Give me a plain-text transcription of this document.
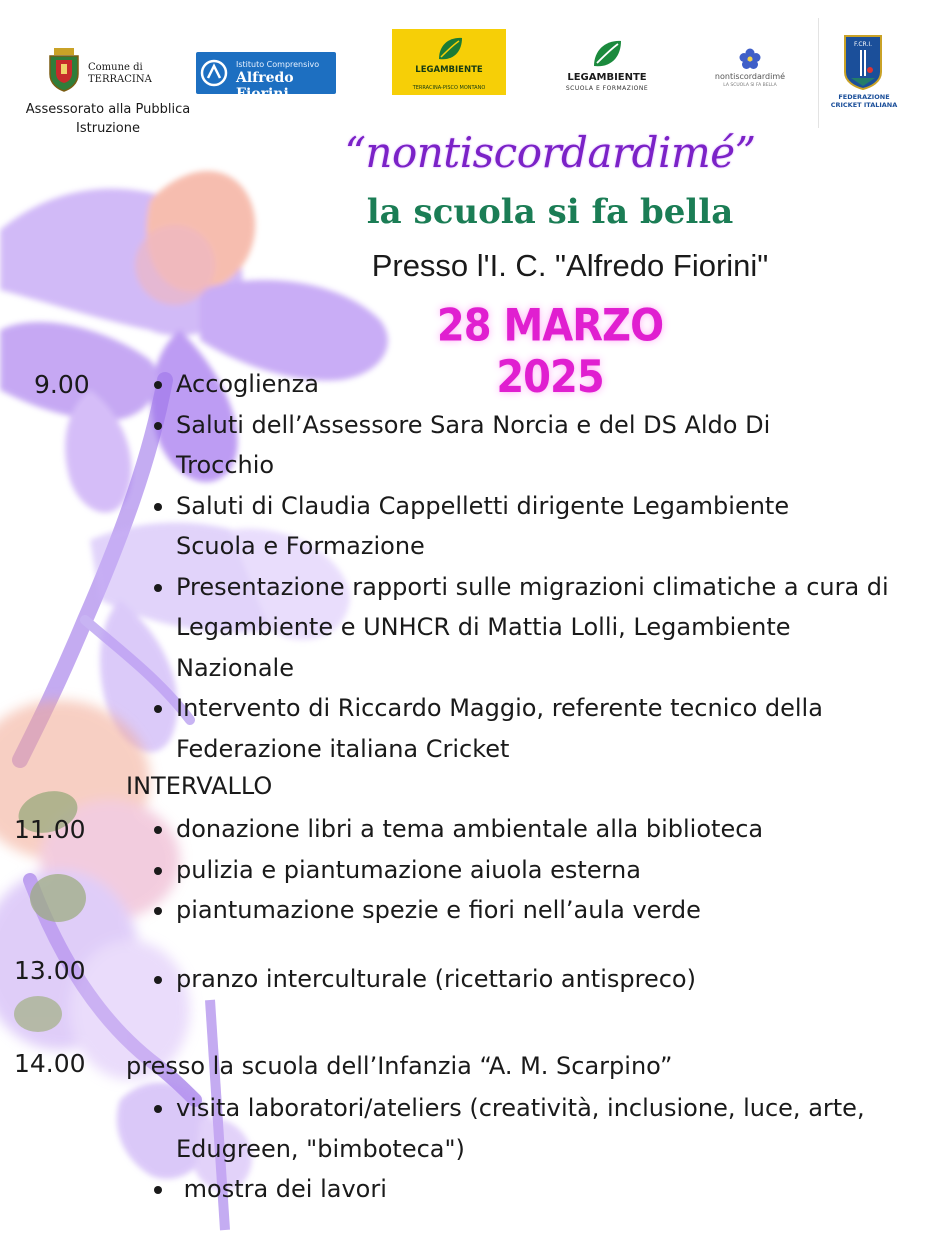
Comune di
TERRACINA
Assessorato alla Pubblica
Istruzione
Istituto Comprensivo
Alfredo Fiorini
LEGAMBIENTE
TERRACINA-PISCO MONTANO
LEGAMBIENTE
SCUOLA E FORMAZIONE
nontiscordardimé
LA SCUOLA SI FA BELLA
F.CR.I.
FEDERAZIONE
CRICKET ITALIANA
“nontiscordardimé”
la scuola si fa bella
Presso l'I. C. "Alfredo Fiorini"
28 MARZO 2025
9.00	Accoglienza
Saluti dell’Assessore Sara Norcia e del DS Aldo Di Trocchio
Saluti di Claudia Cappelletti dirigente Legambiente Scuola e Formazione
Presentazione rapporti sulle migrazioni climatiche a cura di Legambiente e UNHCR di Mattia Lolli, Legambiente Nazionale
Intervento di Riccardo Maggio, referente tecnico della Federazione italiana Cricket
INTERVALLO
11.00	donazione libri a tema ambientale alla biblioteca
pulizia e piantumazione aiuola esterna
piantumazione spezie e fiori nell’aula verde
13.00	pranzo interculturale (ricettario antispreco)
14.00 presso la scuola dell’Infanzia “A. M. Scarpino”
visita laboratori/ateliers (creatività, inclusione, luce, arte, Edugreen, "bimboteca")
mostra dei lavori
